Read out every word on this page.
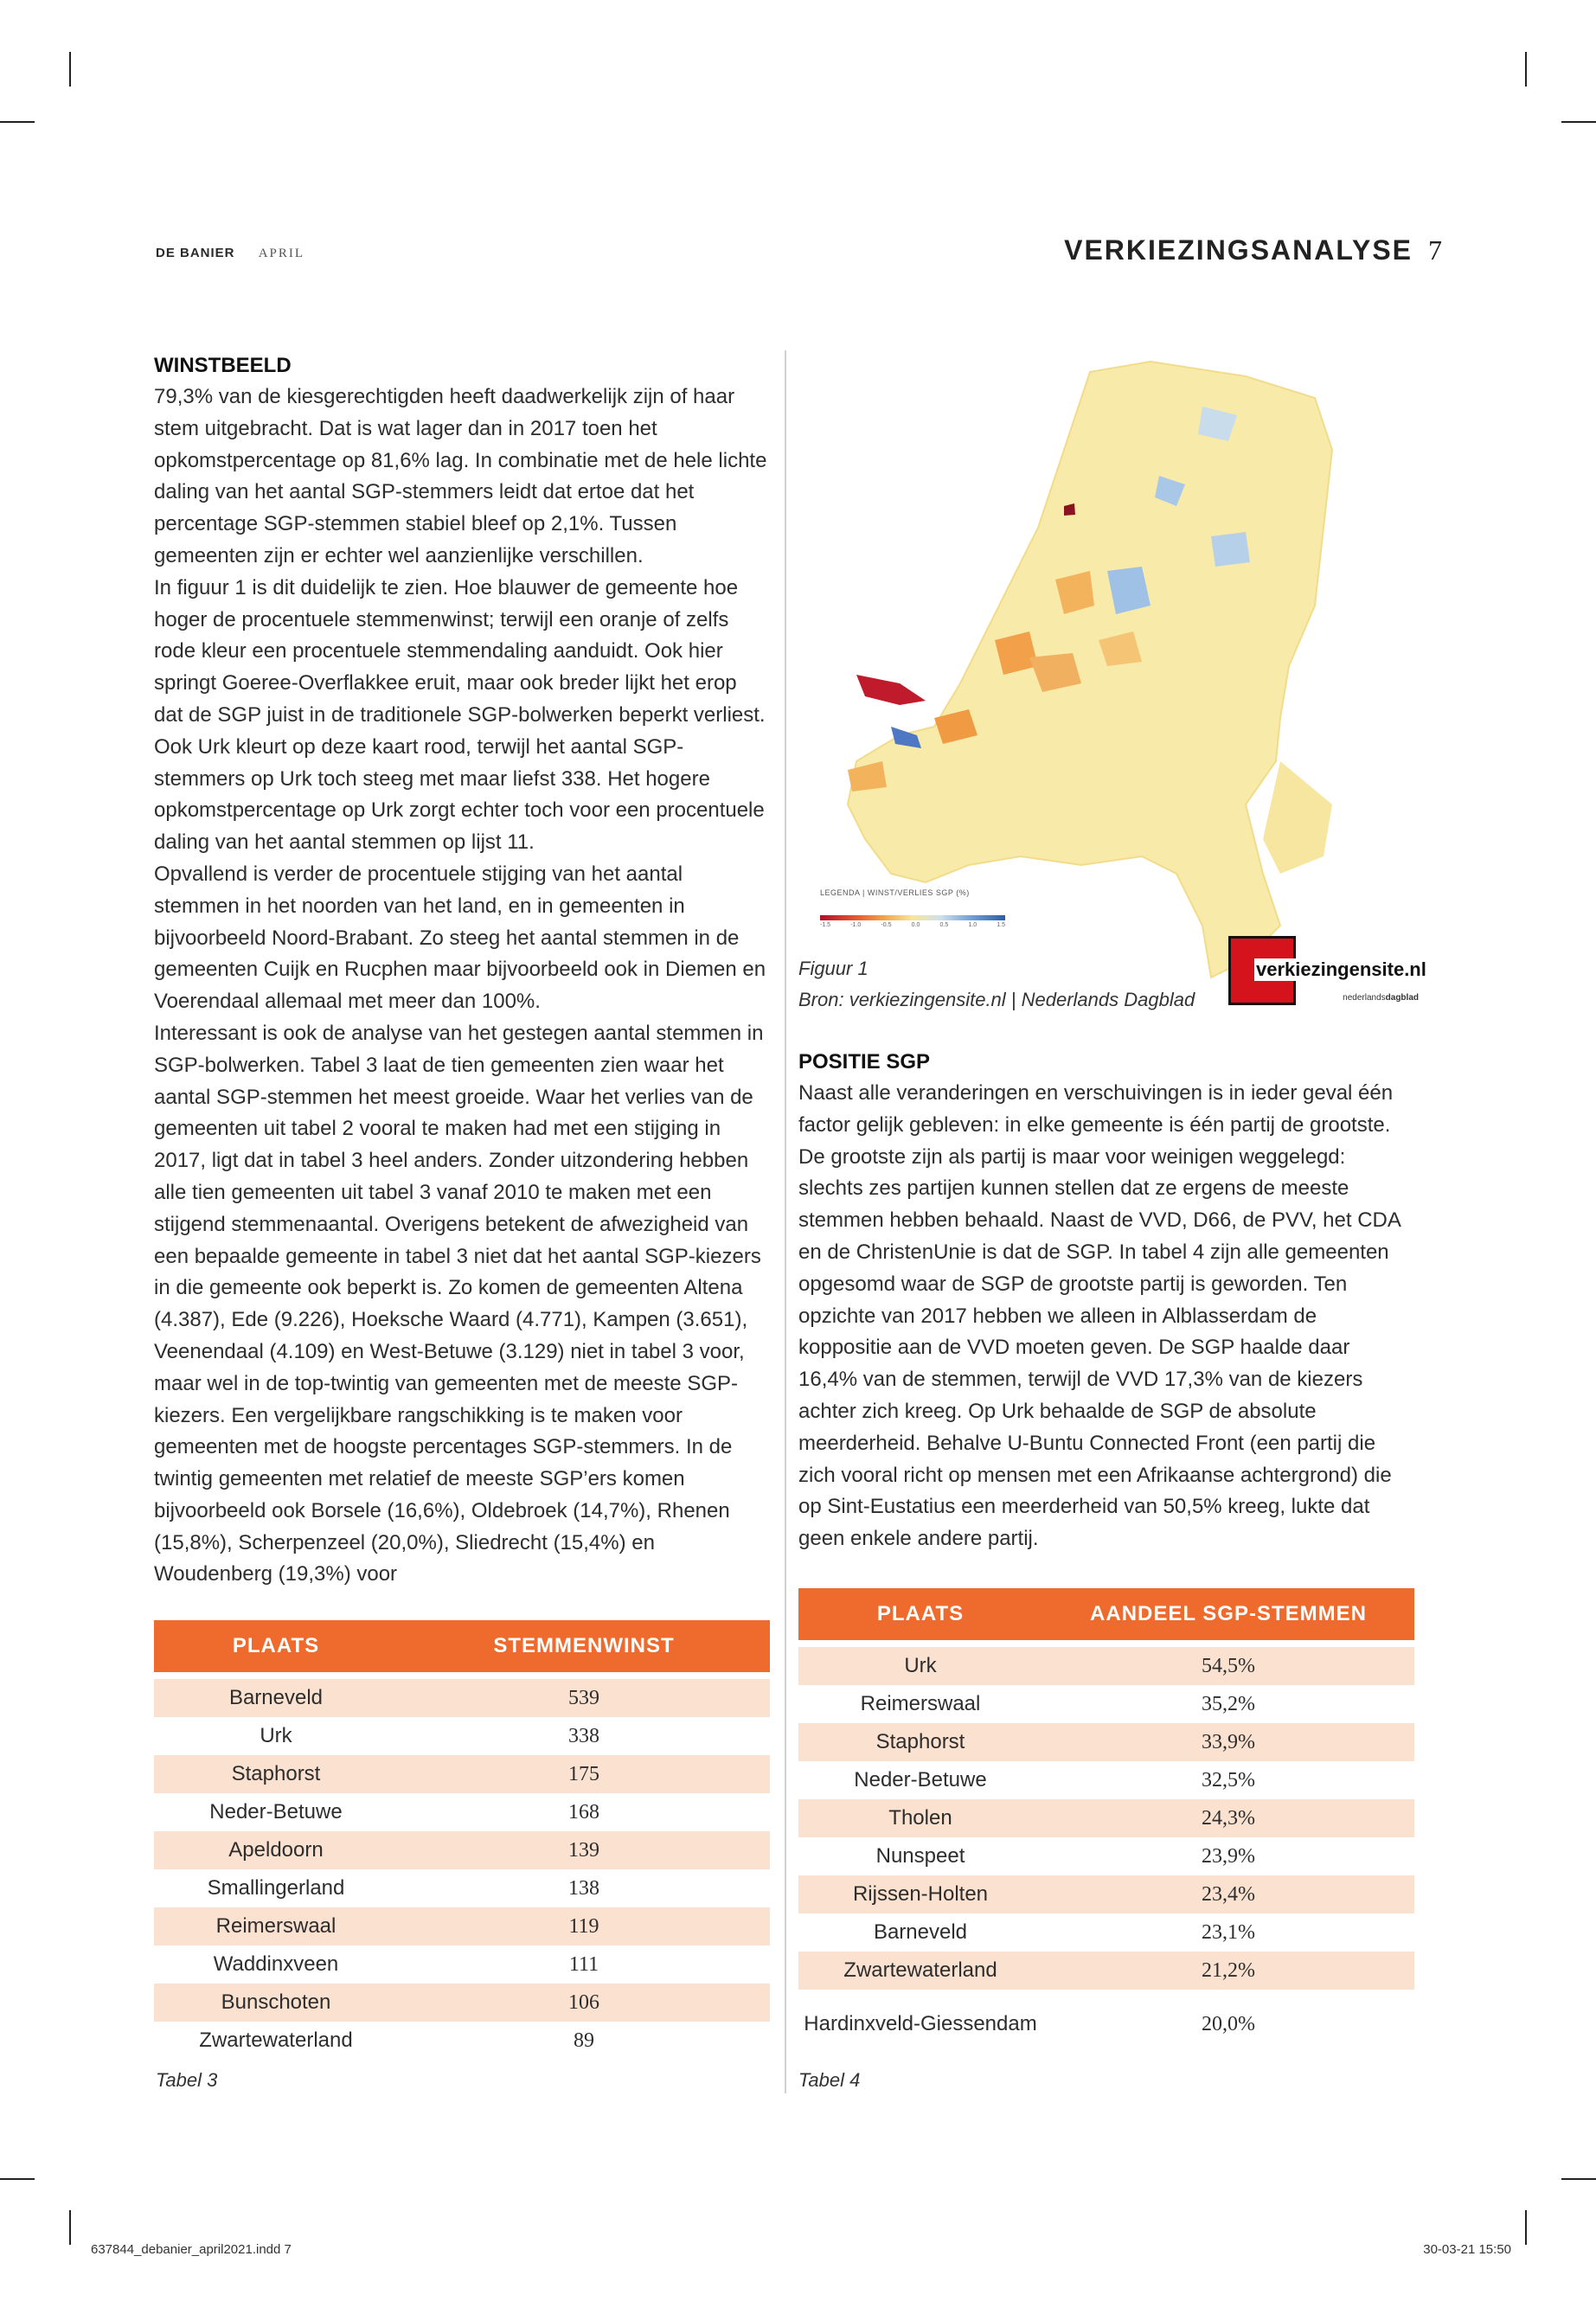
DE BANIER APRIL	VERKIEZINGSANALYSE 7
WINSTBEELD

79,3% van de kiesgerechtigden heeft daadwerkelijk zijn of haar stem uitgebracht. Dat is wat lager dan in 2017 toen het opkomstpercentage op 81,6% lag. In combinatie met de hele lichte daling van het aantal SGP-stemmers leidt dat ertoe dat het percentage SGP-stemmen stabiel bleef op 2,1%. Tussen gemeenten zijn er echter wel aanzienlijke verschillen.

In figuur 1 is dit duidelijk te zien. Hoe blauwer de gemeente hoe hoger de procentuele stemmenwinst; terwijl een oranje of zelfs rode kleur een procentuele stemmendaling aanduidt. Ook hier springt Goeree-Overflakkee eruit, maar ook breder lijkt het erop dat de SGP juist in de traditionele SGP-bolwerken beperkt verliest. Ook Urk kleurt op deze kaart rood, terwijl het aantal SGP-stemmers op Urk toch steeg met maar liefst 338. Het hogere opkomstpercentage op Urk zorgt echter toch voor een procentuele daling van het aantal stemmen op lijst 11.

Opvallend is verder de procentuele stijging van het aantal stemmen in het noorden van het land, en in gemeenten in bijvoorbeeld Noord-Brabant. Zo steeg het aantal stemmen in de gemeenten Cuijk en Rucphen maar bijvoorbeeld ook in Diemen en Voerendaal allemaal met meer dan 100%.

Interessant is ook de analyse van het gestegen aantal stemmen in SGP-bolwerken. Tabel 3 laat de tien gemeenten zien waar het aantal SGP-stemmen het meest groeide. Waar het verlies van de gemeenten uit tabel 2 vooral te maken had met een stijging in 2017, ligt dat in tabel 3 heel anders. Zonder uitzondering hebben alle tien gemeenten uit tabel 3 vanaf 2010 te maken met een stijgend stemmenaantal. Overigens betekent de afwezigheid van een bepaalde gemeente in tabel 3 niet dat het aantal SGP-kiezers in die gemeente ook beperkt is. Zo komen de gemeenten Altena (4.387), Ede (9.226), Hoeksche Waard (4.771), Kampen (3.651), Veenendaal (4.109) en West-Betuwe (3.129) niet in tabel 3 voor, maar wel in de top-twintig van gemeenten met de meeste SGP-kiezers. Een vergelijkbare rangschikking is te maken voor gemeenten met de hoogste percentages SGP-stemmers. In de twintig gemeenten met relatief de meeste SGP’ers komen bijvoorbeeld ook Borsele (16,6%), Oldebroek (14,7%), Rhenen (15,8%), Scherpenzeel (20,0%), Sliedrecht (15,4%) en Woudenberg (19,3%) voor

LEGENDA | WINST/VERLIES SGP (%)
-1.5	-1.0	-0.5	0.0	0.5	1.0	1.5
Figuur 1
Bron: verkiezingensite.nl | Nederlands Dagblad
verkiezingensite.nl
nederlandsdagblad
POSITIE SGP

Naast alle veranderingen en verschuivingen is in ieder geval één factor gelijk gebleven: in elke gemeente is één partij de grootste. De grootste zijn als partij is maar voor weinigen weggelegd: slechts zes partijen kunnen stellen dat ze ergens de meeste stemmen hebben behaald. Naast de VVD, D66, de PVV, het CDA en de ChristenUnie is dat de SGP. In tabel 4 zijn alle gemeenten opgesomd waar de SGP de grootste partij is geworden. Ten opzichte van 2017 hebben we alleen in Alblasserdam de koppositie aan de VVD moeten geven. De SGP haalde daar 16,4% van de stemmen, terwijl de VVD 17,3% van de kiezers achter zich kreeg. Op Urk behaalde de SGP de absolute meerderheid. Behalve U-Buntu Connected Front (een partij die zich vooral richt op mensen met een Afrikaanse achtergrond) die op Sint-Eustatius een meerderheid van 50,5% kreeg, lukte dat geen enkele andere partij.

PLAATS	STEMMENWINST

Barneveld	539
Urk	338
Staphorst	175
Neder-Betuwe	168
Apeldoorn	139
Smallingerland	138
Reimerswaal	119
Waddinxveen	111
Bunschoten	106
Zwartewaterland	89
Tabel 3
PLAATS	AANDEEL SGP-STEMMEN

Urk	54,5%
Reimerswaal	35,2%
Staphorst	33,9%
Neder-Betuwe	32,5%
Tholen	24,3%
Nunspeet	23,9%
Rijssen-Holten	23,4%
Barneveld	23,1%
Zwartewaterland	21,2%
Hardinxveld-Giessendam	20,0%
Tabel 4
637844_debanier_april2021.indd 7	30-03-21 15:50
